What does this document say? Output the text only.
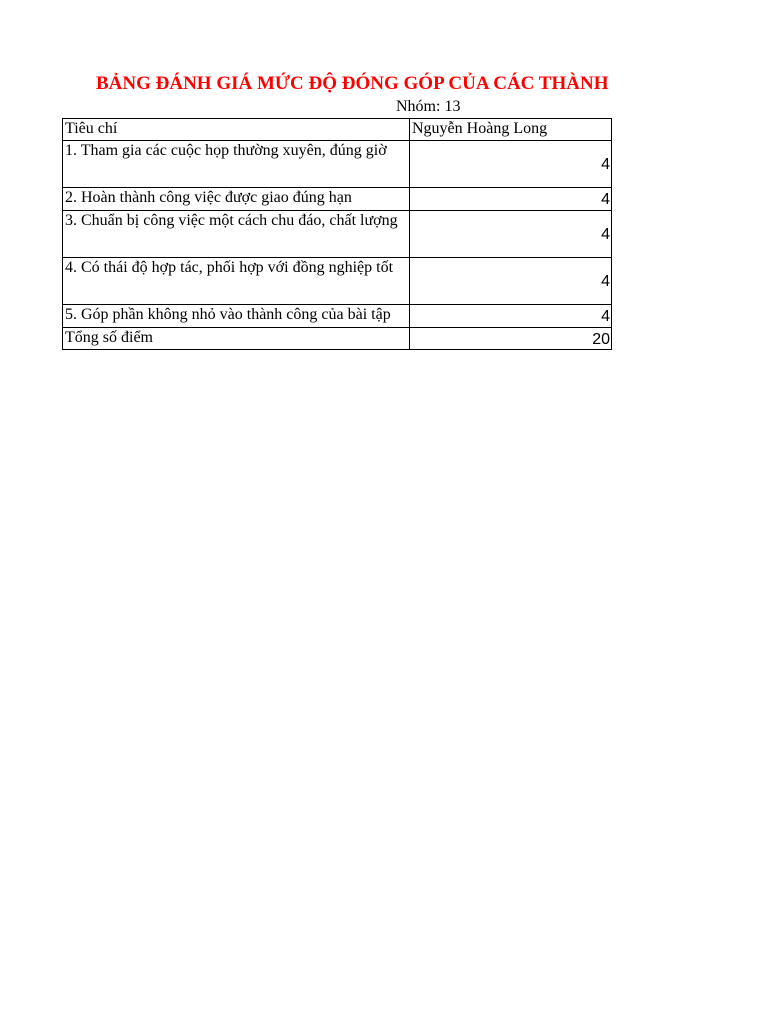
BẢNG ĐÁNH GIÁ MỨC ĐỘ ĐÓNG GÓP CỦA CÁC THÀNH
Nhóm: 13
Tiêu chí	Nguyễn Hoàng Long
1. Tham gia các cuộc họp thường xuyên, đúng giờ	4
2. Hoàn thành công việc được giao đúng hạn	4
3. Chuẩn bị công việc một cách chu đáo, chất lượng	4
4. Có thái độ hợp tác, phối hợp với đồng nghiệp tốt	4
5. Góp phần không nhỏ vào thành công của bài tập	4
Tổng số điểm	20
